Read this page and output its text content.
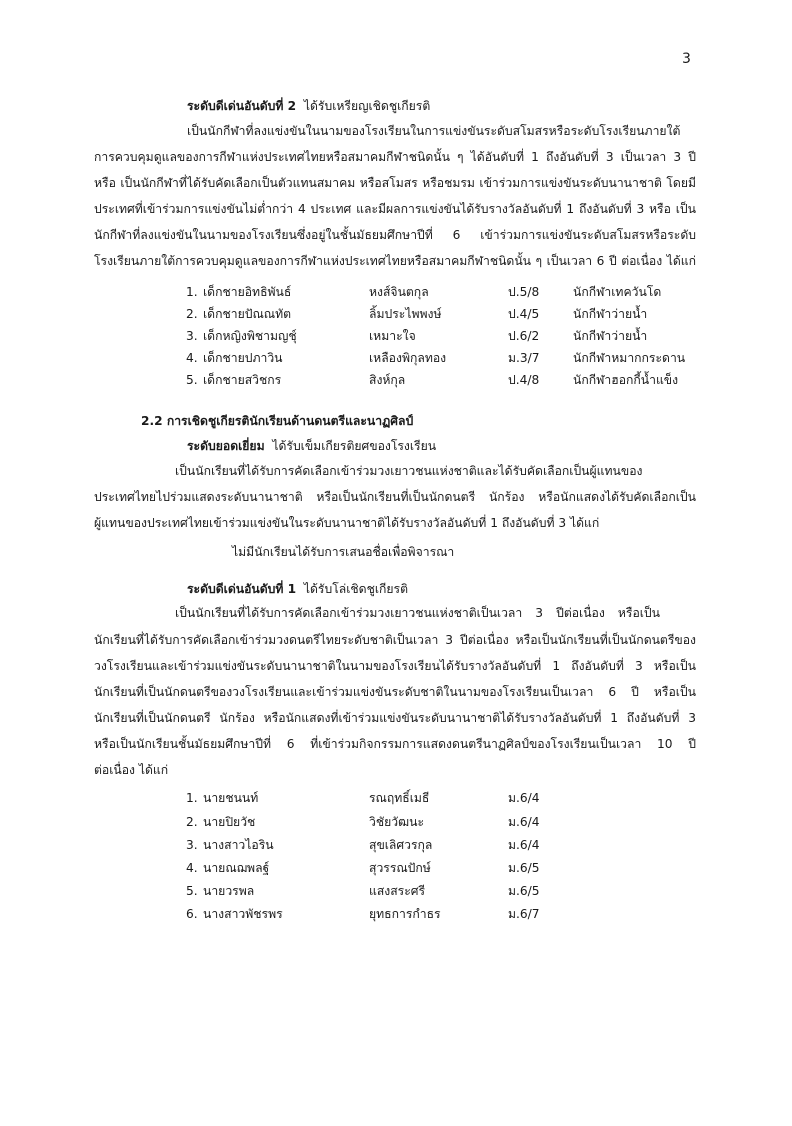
3
ระดับดีเด่นอันดับที่ 2 ได้รับเหรียญเชิดชูเกียรติ
เป็นนักกีฬาที่ลงแข่งขันในนามของโรงเรียนในการแข่งขันระดับสโมสรหรือระดับโรงเรียนภายใต้
การควบคุมดูแลของการกีฬาแห่งประเทศไทยหรือสมาคมกีฬาชนิดนั้น ๆ ได้อันดับที่ 1 ถึงอันดับที่ 3 เป็นเวลา 3 ปี
หรือ เป็นนักกีฬาที่ได้รับคัดเลือกเป็นตัวแทนสมาคม หรือสโมสร หรือชมรม เข้าร่วมการแข่งขันระดับนานาชาติ โดยมี
ประเทศที่เข้าร่วมการแข่งขันไม่ต่ำกว่า 4 ประเทศ และมีผลการแข่งขันได้รับรางวัลอันดับที่ 1 ถึงอันดับที่ 3 หรือ เป็น
นักกีฬาที่ลงแข่งขันในนามของโรงเรียนซึ่งอยู่ในชั้นมัธยมศึกษาปีที่ 6 เข้าร่วมการแข่งขันระดับสโมสรหรือระดับ
โรงเรียนภายใต้การควบคุมดูแลของการกีฬาแห่งประเทศไทยหรือสมาคมกีฬาชนิดนั้น ๆ เป็นเวลา 6 ปี ต่อเนื่อง ได้แก่
1. เด็กชายอิทธิพันธ์	หงส์จินตกุล	ป.5/8	นักกีฬาเทควันโด
2. เด็กชายปัณณทัต	ลิ้มประไพพงษ์	ป.4/5	นักกีฬาว่ายน้ำ
3. เด็กหญิงพิชามญชุ์	เหมาะใจ	ป.6/2	นักกีฬาว่ายน้ำ
4. เด็กชายปภาวิน	เหลืองพิกุลทอง	ม.3/7	นักกีฬาหมากกระดาน
5. เด็กชายสวิชกร	สิงห์กุล	ป.4/8	นักกีฬาฮอกกี้น้ำแข็ง
2.2 การเชิดชูเกียรตินักเรียนด้านดนตรีและนาฏศิลป์
ระดับยอดเยี่ยม ได้รับเข็มเกียรติยศของโรงเรียน
เป็นนักเรียนที่ได้รับการคัดเลือกเข้าร่วมวงเยาวชนแห่งชาติและได้รับคัดเลือกเป็นผู้แทนของ
ประเทศไทยไปร่วมแสดงระดับนานาชาติ หรือเป็นนักเรียนที่เป็นนักดนตรี นักร้อง หรือนักแสดงได้รับคัดเลือกเป็น
ผู้แทนของประเทศไทยเข้าร่วมแข่งขันในระดับนานาชาติได้รับรางวัลอันดับที่ 1 ถึงอันดับที่ 3 ได้แก่
ไม่มีนักเรียนได้รับการเสนอชื่อเพื่อพิจารณา
ระดับดีเด่นอันดับที่ 1 ได้รับโล่เชิดชูเกียรติ
เป็นนักเรียนที่ได้รับการคัดเลือกเข้าร่วมวงเยาวชนแห่งชาติเป็นเวลา 3 ปีต่อเนื่อง หรือเป็น
นักเรียนที่ได้รับการคัดเลือกเข้าร่วมวงดนตรีไทยระดับชาติเป็นเวลา 3 ปีต่อเนื่อง หรือเป็นนักเรียนที่เป็นนักดนตรีของ
วงโรงเรียนและเข้าร่วมแข่งขันระดับนานาชาติในนามของโรงเรียนได้รับรางวัลอันดับที่ 1 ถึงอันดับที่ 3 หรือเป็น
นักเรียนที่เป็นนักดนตรีของวงโรงเรียนและเข้าร่วมแข่งขันระดับชาติในนามของโรงเรียนเป็นเวลา 6 ปี หรือเป็น
นักเรียนที่เป็นนักดนตรี นักร้อง หรือนักแสดงที่เข้าร่วมแข่งขันระดับนานาชาติได้รับรางวัลอันดับที่ 1 ถึงอันดับที่ 3
หรือเป็นนักเรียนชั้นมัธยมศึกษาปีที่ 6 ที่เข้าร่วมกิจกรรมการแสดงดนตรีนาฏศิลป์ของโรงเรียนเป็นเวลา 10 ปี
ต่อเนื่อง ได้แก่
1. นายชนนท์	รณฤทธิ์เมธี	ม.6/4
2. นายปิยวัช	วิชัยวัฒนะ	ม.6/4
3. นางสาวไอริน	สุขเลิศวรกุล	ม.6/4
4. นายณฌพลฐ์	สุวรรณปักษ์	ม.6/5
5. นายวรพล	แสงสระศรี	ม.6/5
6. นางสาวพัชรพร	ยุทธการกำธร	ม.6/7
